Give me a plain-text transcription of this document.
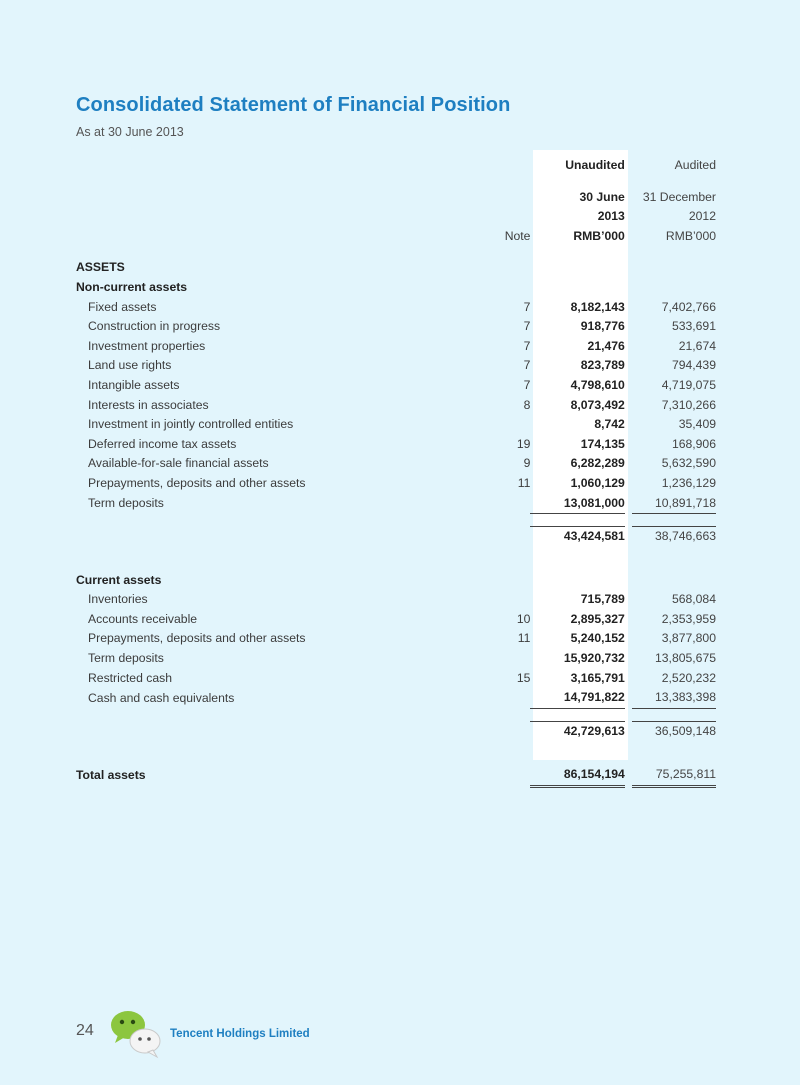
Consolidated Statement of Financial Position
As at 30 June 2013
		Unaudited		Audited

		30 June		31 December
		2013		2012
	Note	RMB’000		RMB’000

ASSETS				
Non-current assets				
Fixed assets	7	8,182,143		7,402,766
Construction in progress	7	918,776		533,691
Investment properties	7	21,476		21,674
Land use rights	7	823,789		794,439
Intangible assets	7	4,798,610		4,719,075
Interests in associates	8	8,073,492		7,310,266
Investment in jointly controlled entities		8,742		35,409
Deferred income tax assets	19	174,135		168,906
Available-for-sale financial assets	9	6,282,289		5,632,590
Prepayments, deposits and other assets	11	1,060,129		1,236,129
Term deposits		13,081,000		10,891,718

		43,424,581		38,746,663

Current assets				
Inventories		715,789		568,084
Accounts receivable	10	2,895,327		2,353,959
Prepayments, deposits and other assets	11	5,240,152		3,877,800
Term deposits		15,920,732		13,805,675
Restricted cash	15	3,165,791		2,520,232
Cash and cash equivalents		14,791,822		13,383,398

		42,729,613		36,509,148

Total assets		86,154,194		75,255,811
24	Tencent Holdings Limited
